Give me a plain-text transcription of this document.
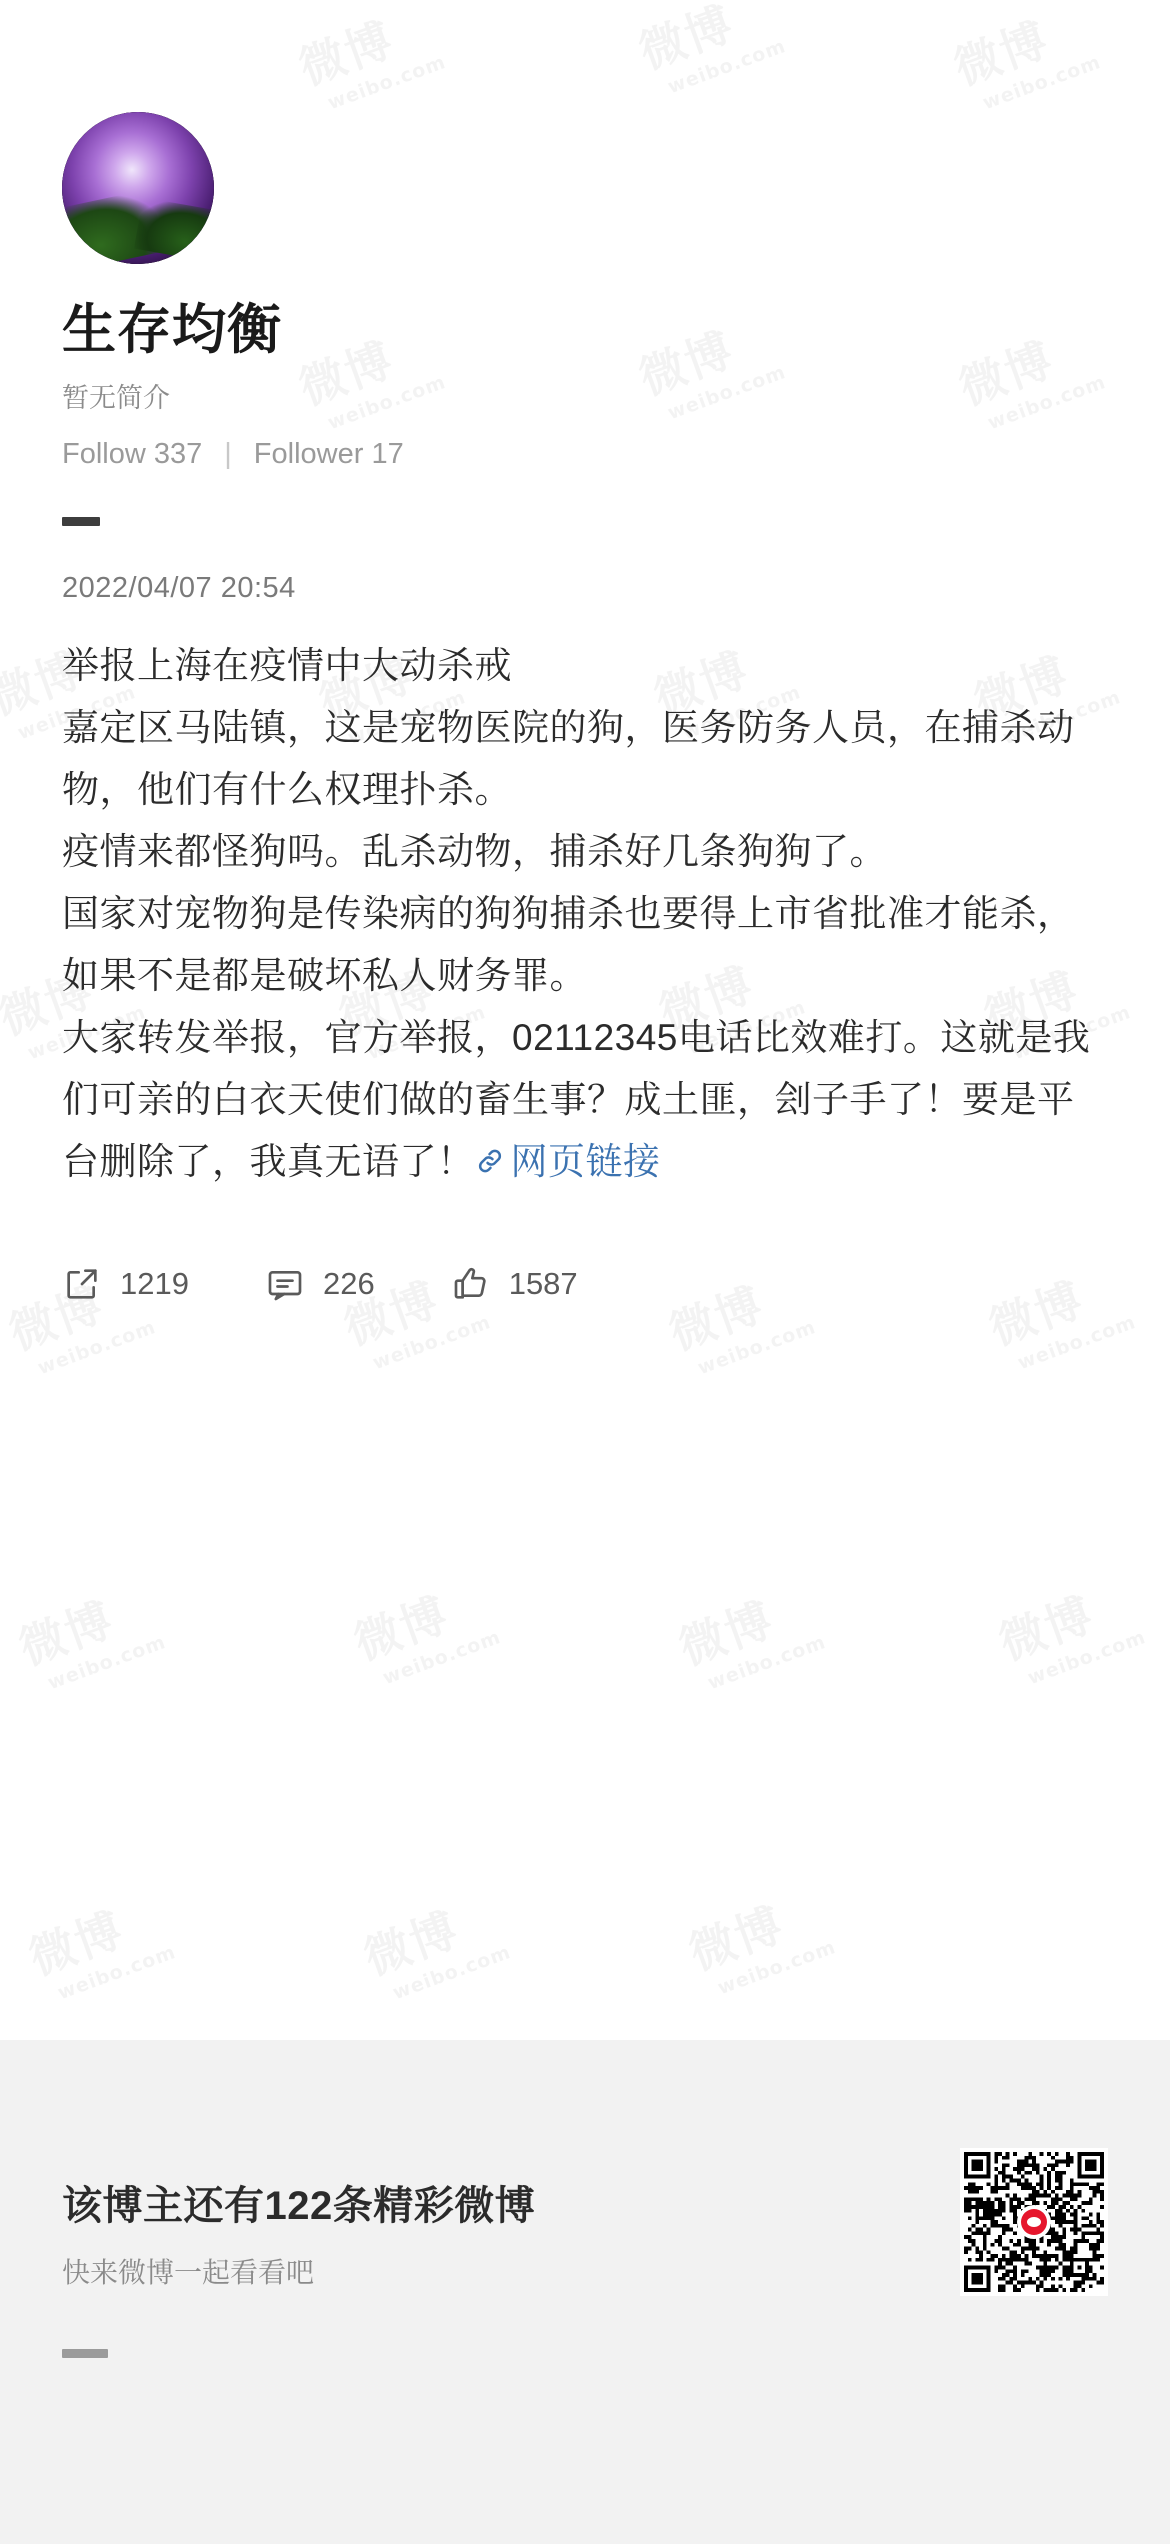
生存均衡
暂无简介
Follow 337 | Follower 17
2022/04/07 20:54

举报上海在疫情中大动杀戒

嘉定区马陆镇，这是宠物医院的狗，医务防务人员，在捕杀动物，他们有什么权理扑杀。

疫情来都怪狗吗。乱杀动物，捕杀好几条狗狗了。

国家对宠物狗是传染病的狗狗捕杀也要得上市省批准才能杀，如果不是都是破坏私人财务罪。

大家转发举报，官方举报，02112345电话比效难打。这就是我们可亲的白衣天使们做的畜生事？成土匪，刽子手了！要是平台删除了，我真无语了！ 网页链接

1219	226	1587
该博主还有122条精彩微博
快来微博一起看看吧
